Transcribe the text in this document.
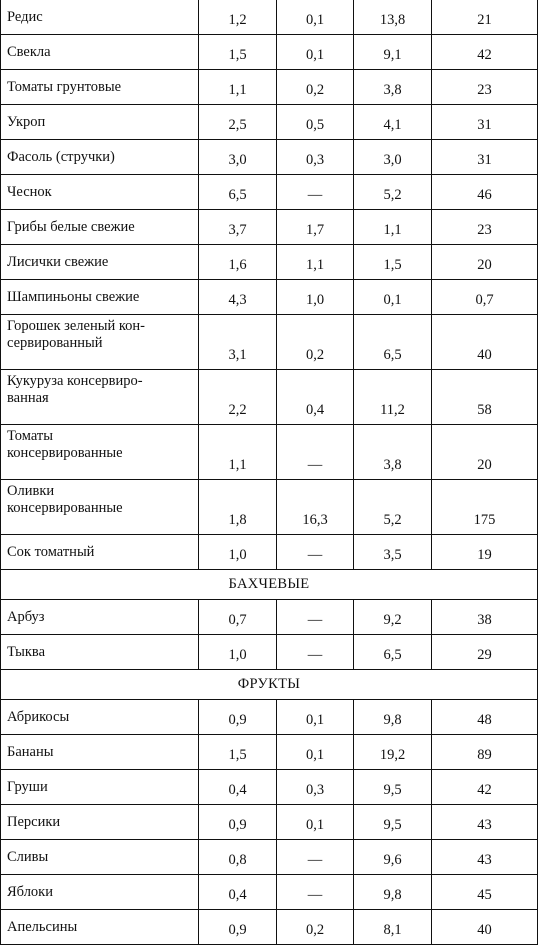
Редис	1,2	0,1	13,8	21
Свекла	1,5	0,1	9,1	42
Томаты грунтовые	1,1	0,2	3,8	23
Укроп	2,5	0,5	4,1	31
Фасоль (стручки)	3,0	0,3	3,0	31
Чеснок	6,5	—	5,2	46
Грибы белые свежие	3,7	1,7	1,1	23
Лисички свежие	1,6	1,1	1,5	20
Шампиньоны свежие	4,3	1,0	0,1	0,7
Горошек зеленый кон-
сервированный	3,1	0,2	6,5	40
Кукуруза консервиро-
ванная	2,2	0,4	11,2	58
Томаты
консервированные	1,1	—	3,8	20
Оливки
консервированные	1,8	16,3	5,2	175
Сок томатный	1,0	—	3,5	19
БАХЧЕВЫЕ				
Арбуз	0,7	—	9,2	38
Тыква	1,0	—	6,5	29
ФРУКТЫ				
Абрикосы	0,9	0,1	9,8	48
Бананы	1,5	0,1	19,2	89
Груши	0,4	0,3	9,5	42
Персики	0,9	0,1	9,5	43
Сливы	0,8	—	9,6	43
Яблоки	0,4	—	9,8	45
Апельсины	0,9	0,2	8,1	40
